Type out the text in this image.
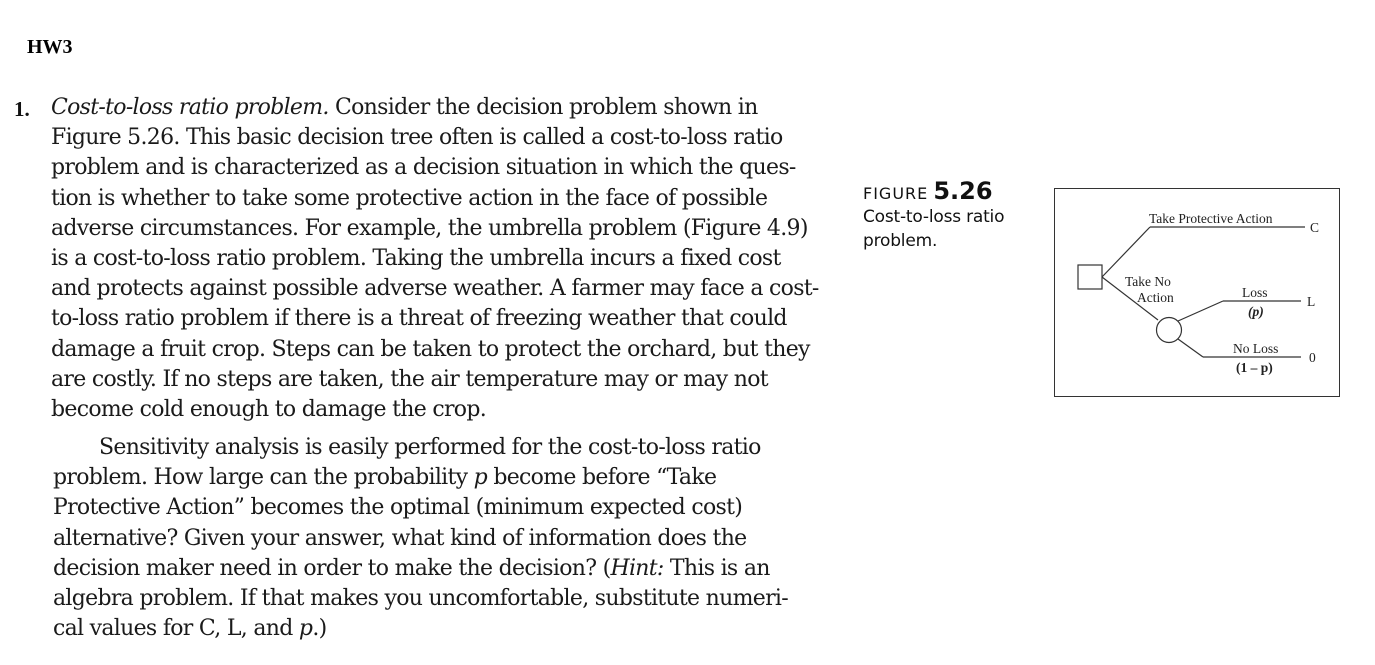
HW3
1. Cost-to-loss ratio problem. Consider the decision problem shown in
Figure 5.26. This basic decision tree often is called a cost-to-loss ratio
problem and is characterized as a decision situation in which the ques-
tion is whether to take some protective action in the face of possible
adverse circumstances. For example, the umbrella problem (Figure 4.9)
is a cost-to-loss ratio problem. Taking the umbrella incurs a fixed cost
and protects against possible adverse weather. A farmer may face a cost-
to-loss ratio problem if there is a threat of freezing weather that could
damage a fruit crop. Steps can be taken to protect the orchard, but they
are costly. If no steps are taken, the air temperature may or may not
become cold enough to damage the crop.
Sensitivity analysis is easily performed for the cost-to-loss ratio
problem. How large can the probability p become before “Take
Protective Action” becomes the optimal (minimum expected cost)
alternative? Given your answer, what kind of information does the
decision maker need in order to make the decision? (Hint: This is an
algebra problem. If that makes you uncomfortable, substitute numeri-
cal values for C, L, and p.)
FIGURE 5.26
Cost-to-loss ratio
problem.
Take Protective Action
C
Take No
Action	Loss
(p)
L
No Loss
(1 – p)
0
